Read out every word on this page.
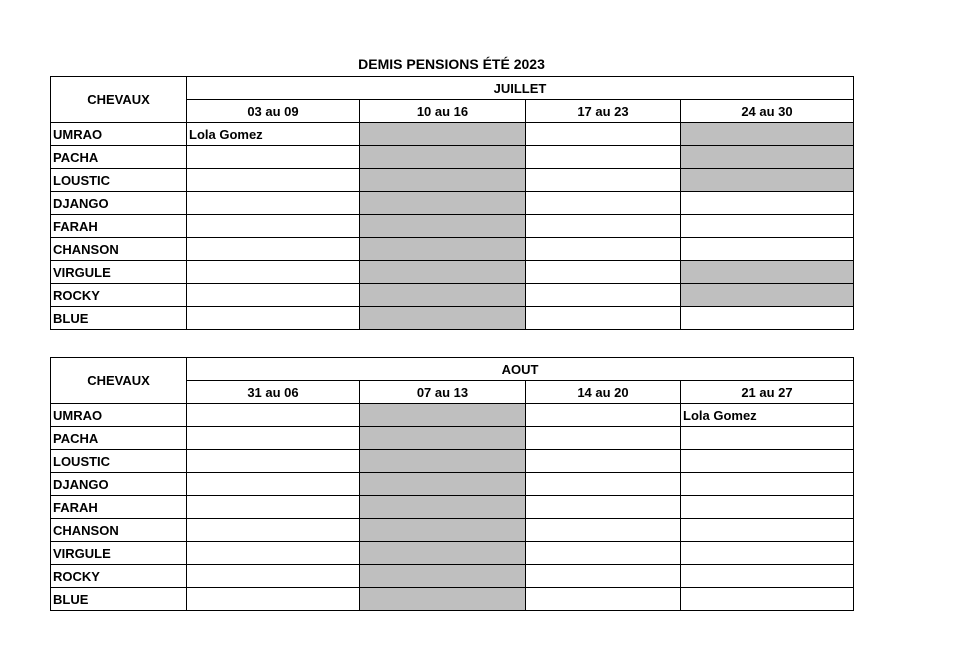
DEMIS PENSIONS ÉTÉ 2023
CHEVAUX	JUILLET			
	03 au 09	10 au 16	17 au 23	24 au 30
UMRAO	Lola Gomez			
PACHA				
LOUSTIC				
DJANGO				
FARAH				
CHANSON				
VIRGULE				
ROCKY				
BLUE				
CHEVAUX	AOUT			
	31 au 06	07 au 13	14 au 20	21 au 27
UMRAO				Lola Gomez
PACHA				
LOUSTIC				
DJANGO				
FARAH				
CHANSON				
VIRGULE				
ROCKY				
BLUE				
